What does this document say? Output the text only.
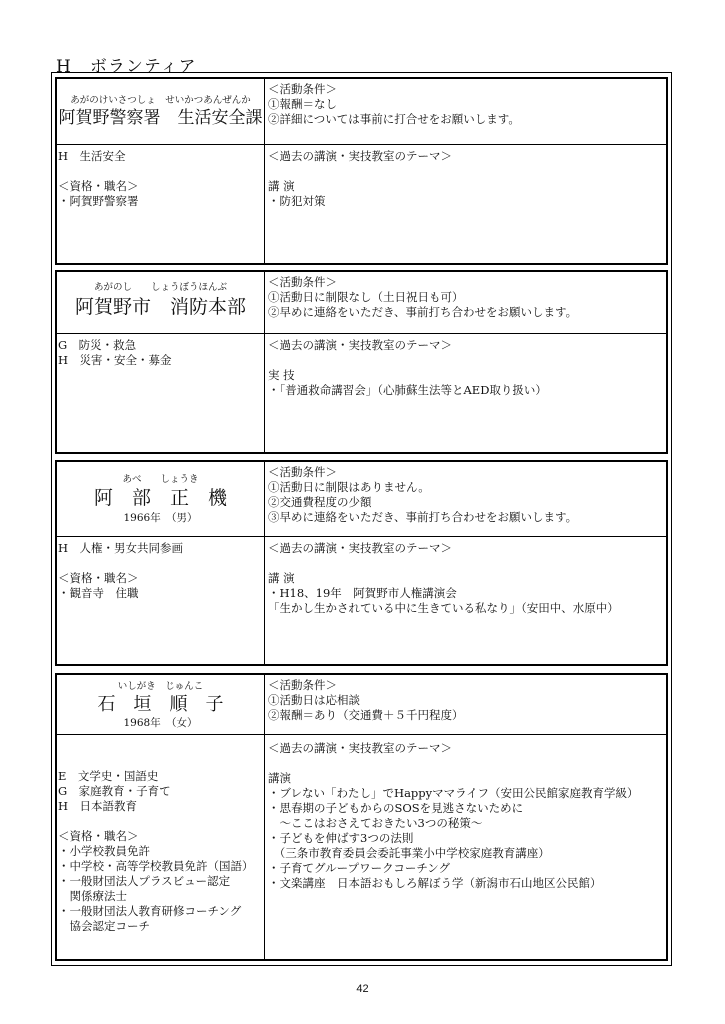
H　ボランティア
あがのけいさつしょ　せいかつあんぜんか
阿賀野警察署　生活安全課
＜活動条件＞
①報酬＝なし
②詳細については事前に打合せをお願いします。
H　生活安全
＜資格・職名＞
・阿賀野警察署
＜過去の講演・実技教室のテーマ＞
講 演
・防犯対策
あがのし　　しょうぼうほんぶ
阿賀野市　消防本部
＜活動条件＞
①活動日に制限なし（土日祝日も可）
②早めに連絡をいただき、事前打ち合わせをお願いします。
G　防災・救急
H　災害・安全・募金
＜過去の講演・実技教室のテーマ＞
実 技
・「普通救命講習会」（心肺蘇生法等とAED取り扱い）
あべ　　しょうき
阿　部　正　機
1966年　（男）
＜活動条件＞
①活動日に制限はありません。
②交通費程度の少額
③早めに連絡をいただき、事前打ち合わせをお願いします。
H　人権・男女共同参画
＜資格・職名＞
・観音寺　住職
＜過去の講演・実技教室のテーマ＞
講 演
・H18、19年　阿賀野市人権講演会
「生かし生かされている中に生きている私なり」（安田中、水原中）
いしがき　じゅんこ
石　垣　順　子
1968年　（女）
＜活動条件＞
①活動日は応相談
②報酬＝あり（交通費＋５千円程度）
E　文学史・国語史
G　家庭教育・子育て
H　日本語教育
＜資格・職名＞
・小学校教員免許
・中学校・高等学校教員免許（国語）
・一般財団法人プラスビュー認定
　関係療法士
・一般財団法人教育研修コーチング
　協会認定コーチ
＜過去の講演・実技教室のテーマ＞
講演
・ブレない「わたし」でHappyママライフ（安田公民館家庭教育学級）
・思春期の子どもからのSOSを見逃さないために
　～ここはおさえておきたい3つの秘策～
・子どもを伸ばす3つの法則
　（三条市教育委員会委託事業小中学校家庭教育講座）
・子育てグループワークコーチング
・文楽講座　日本語おもしろ解ぼう学（新潟市石山地区公民館）
42
